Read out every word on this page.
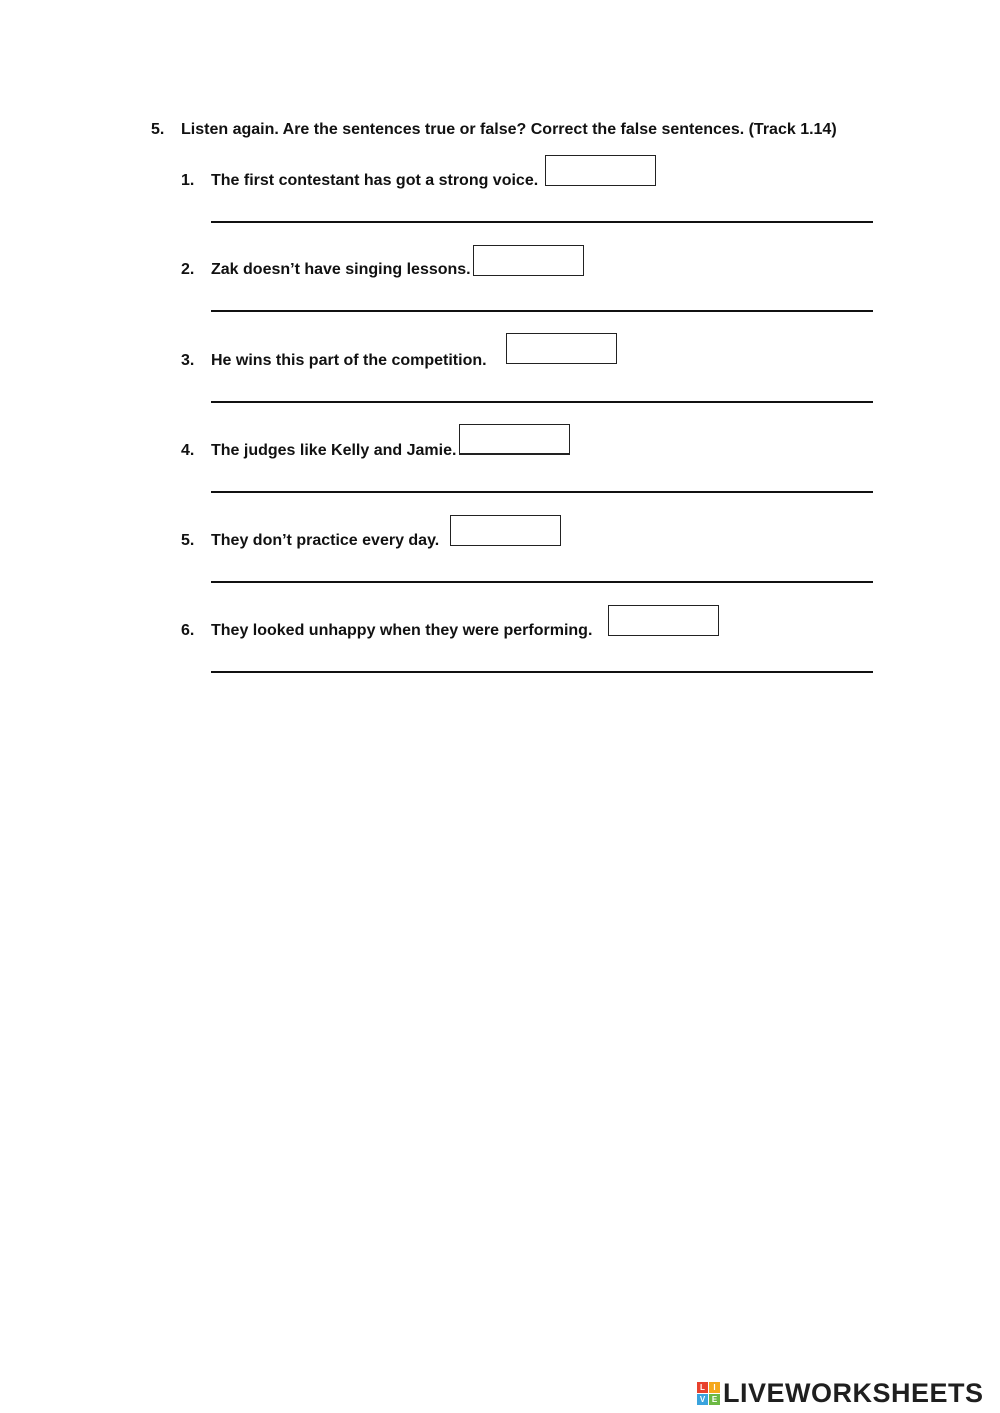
5. Listen again. Are the sentences true or false? Correct the false sentences. (Track 1.14)
1.	The first contestant has got a strong voice.
2.	Zak doesn’t have singing lessons.
3.	He wins this part of the competition.
4.	The judges like Kelly and Jamie.
5.	They don’t practice every day.
6.	They looked unhappy when they were performing.
L	I
V E LIVEWORKSHEETS
